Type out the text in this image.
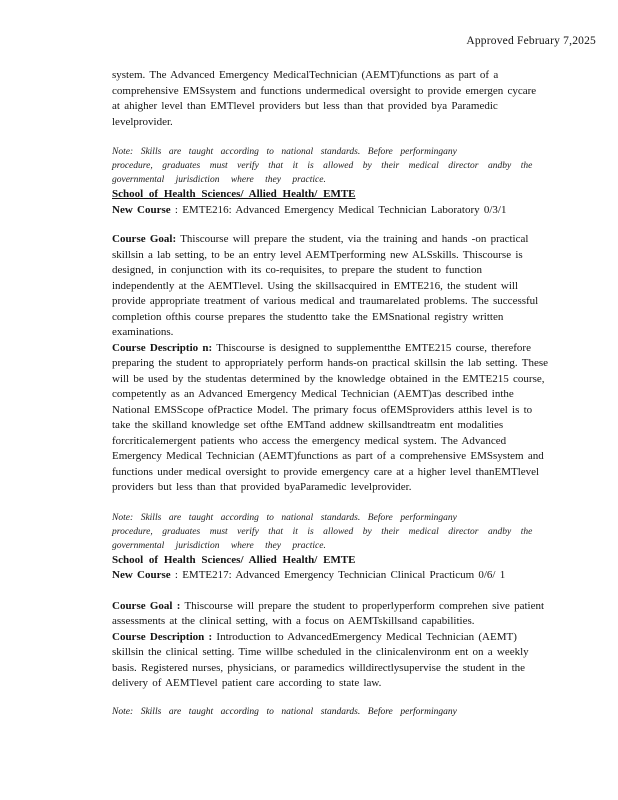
Approved February 7,2025

system. The Advanced Emergency MedicalTechnician (AEMT)functions as part of a comprehensive EMSsystem and functions undermedical oversight to provide emergen cycare at ahigher level than EMTlevel providers but less than that provided bya Paramedic levelprovider.

Note: Skills are taught according to national standards. Before performingany
procedure, graduates must verify that it is allowed by their medical director andby the
governmental jurisdiction where they practice.
School of Health Sciences/ Allied Health/ EMTE
New Course : EMTE216: Advanced Emergency Medical Technician Laboratory 0/3/1

Course Goal: Thiscourse will prepare the student, via the training and hands -on practical skillsin a lab setting, to be an entry level AEMTperforming new ALSskills. Thiscourse is designed, in conjunction with its co-requisites, to prepare the student to function independently at the AEMTlevel. Using the skillsacquired in EMTE216, the student will provide appropriate treatment of various medical and traumarelated problems. The successful completion ofthis course prepares the studentto take the EMSnational registry written examinations.

Course Descriptio n: Thiscourse is designed to supplementthe EMTE215 course, therefore preparing the student to appropriately perform hands-on practical skillsin the lab setting. These will be used by the studentas determined by the knowledge obtained in the EMTE215 course, competently as an Advanced Emergency Medical Technician (AEMT)as described inthe National EMSScope ofPractice Model. The primary focus ofEMSproviders atthis level is to take the skilland knowledge set ofthe EMTand addnew skillsandtreatm ent modalities forcriticalemergent patients who access the emergency medical system. The Advanced Emergency Medical Technician (AEMT)functions as part of a comprehensive EMSsystem and functions under medical oversight to provide emergency care at a higher level thanEMTlevel providers but less than that provided byaParamedic levelprovider.

Note: Skills are taught according to national standards. Before performingany
procedure, graduates must verify that it is allowed by their medical director andby the
governmental jurisdiction where they practice.
School of Health Sciences/ Allied Health/ EMTE
New Course : EMTE217: Advanced Emergency Technician Clinical Practicum 0/6/ 1

Course Goal : Thiscourse will prepare the student to properlyperform comprehen sive patient assessments at the clinical setting, with a focus on AEMTskillsand capabilities.

Course Description : Introduction to AdvancedEmergency Medical Technician (AEMT) skillsin the clinical setting. Time willbe scheduled in the clinicalenvironm ent on a weekly basis. Registered nurses, physicians, or paramedics willdirectlysupervise the student in the delivery of AEMTlevel patient care according to state law.

Note: Skills are taught according to national standards. Before performingany
